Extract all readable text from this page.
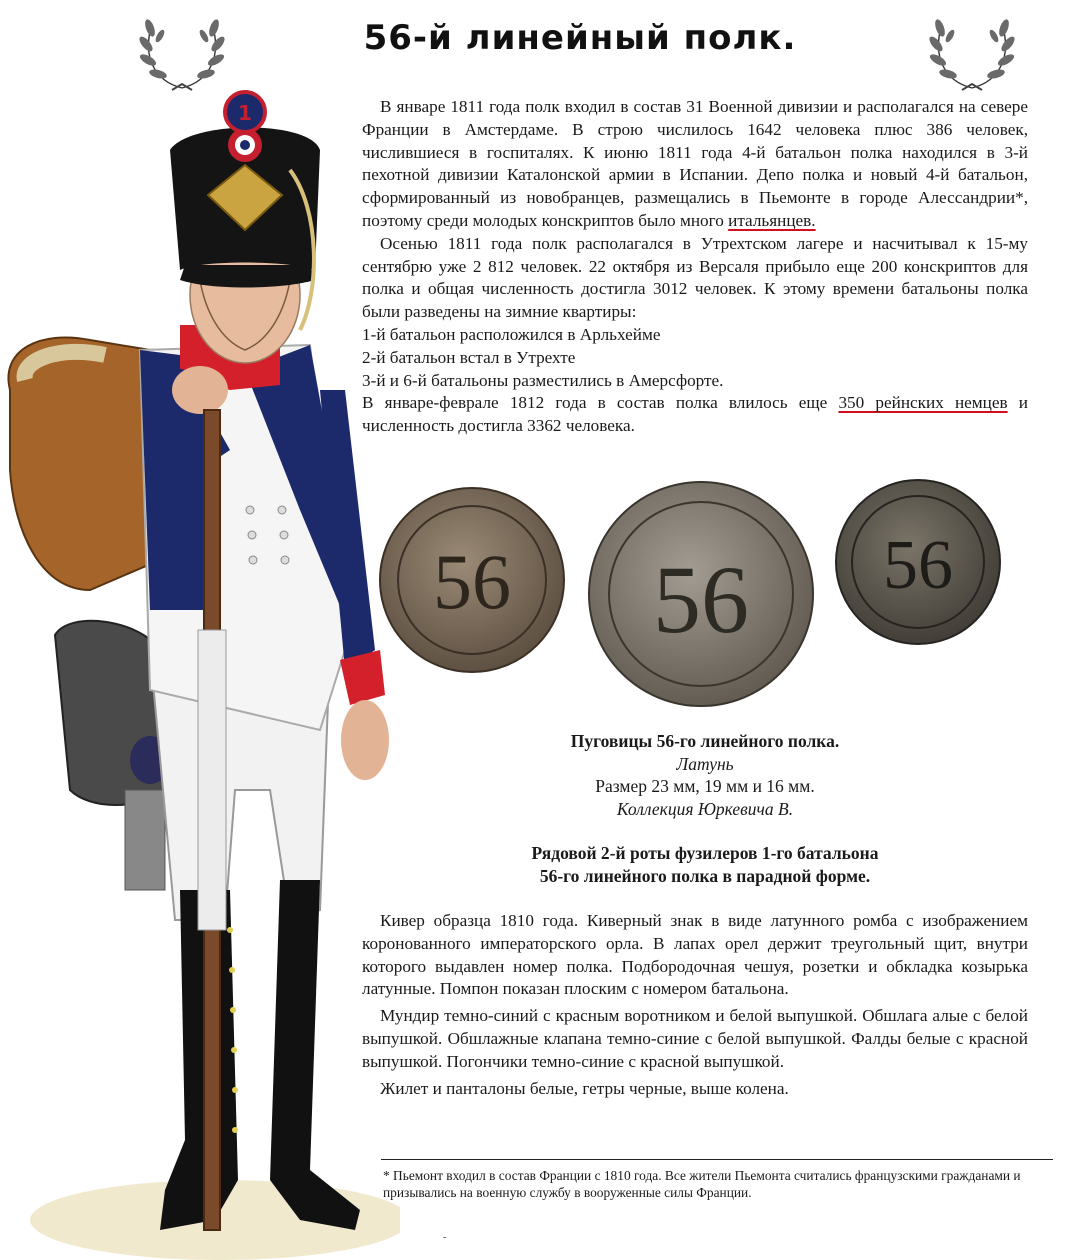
56-й линейный полк.
1	В январе 1811 года полк входил в состав 31 Военной дивизии и располагался на севере Франции в Амстердаме. В строю числилось 1642 человека плюс 386 человек, числившиеся в госпиталях. К июню 1811 года 4-й батальон полка находился в 3-й пехотной дивизии Каталонской армии в Испании. Депо полка и новый 4-й батальон, сформированный из новобранцев, размещались в Пьемонте в городе Алессандрии*, поэтому среди молодых конскриптов было много итальянцев.

Осенью 1811 года полк располагался в Утрехтском лагере и насчитывал к 15-му сентябрю уже 2 812 человек. 22 октября из Версаля прибыло еще 200 конскриптов для полка и общая численность достигла 3012 человек. К этому времени батальоны полка были разведены на зимние квартиры:

1-й батальон расположился в Арльхейме

2-й батальон встал в Утрехте

3-й и 6-й батальоны разместились в Амерсфорте.

В январе-феврале 1812 года в состав полка влилось еще 350 рейнских немцев и численность достигла 3362 человека.

56 56 56
Пуговицы 56-го линейного полка.
Латунь
Размер 23 мм, 19 мм и 16 мм.
Коллекция Юркевича В.
Рядовой 2-й роты фузилеров 1-го батальона
56-го линейного полка в парадной форме.

Кивер образца 1810 года. Киверный знак в виде латунного ромба с изображением коронованного императорского орла. В лапах орел держит треугольный щит, внутри которого выдавлен номер полка. Подбородочная чешуя, розетки и обкладка козырька латунные. Помпон показан плоским с номером батальона.

Мундир темно-синий с красным воротником и белой выпушкой. Обшлага алые с белой выпушкой. Обшлажные клапана темно-синие с белой выпушкой. Фалды белые с красной выпушкой. Погончики темно-синие с красной выпушкой.

Жилет и панталоны белые, гетры черные, выше колена.

* Пьемонт входил в состав Франции с 1810 года. Все жители Пьемонта считались французскими гражданами и призывались на военную службу в вооруженные силы Франции.
-
